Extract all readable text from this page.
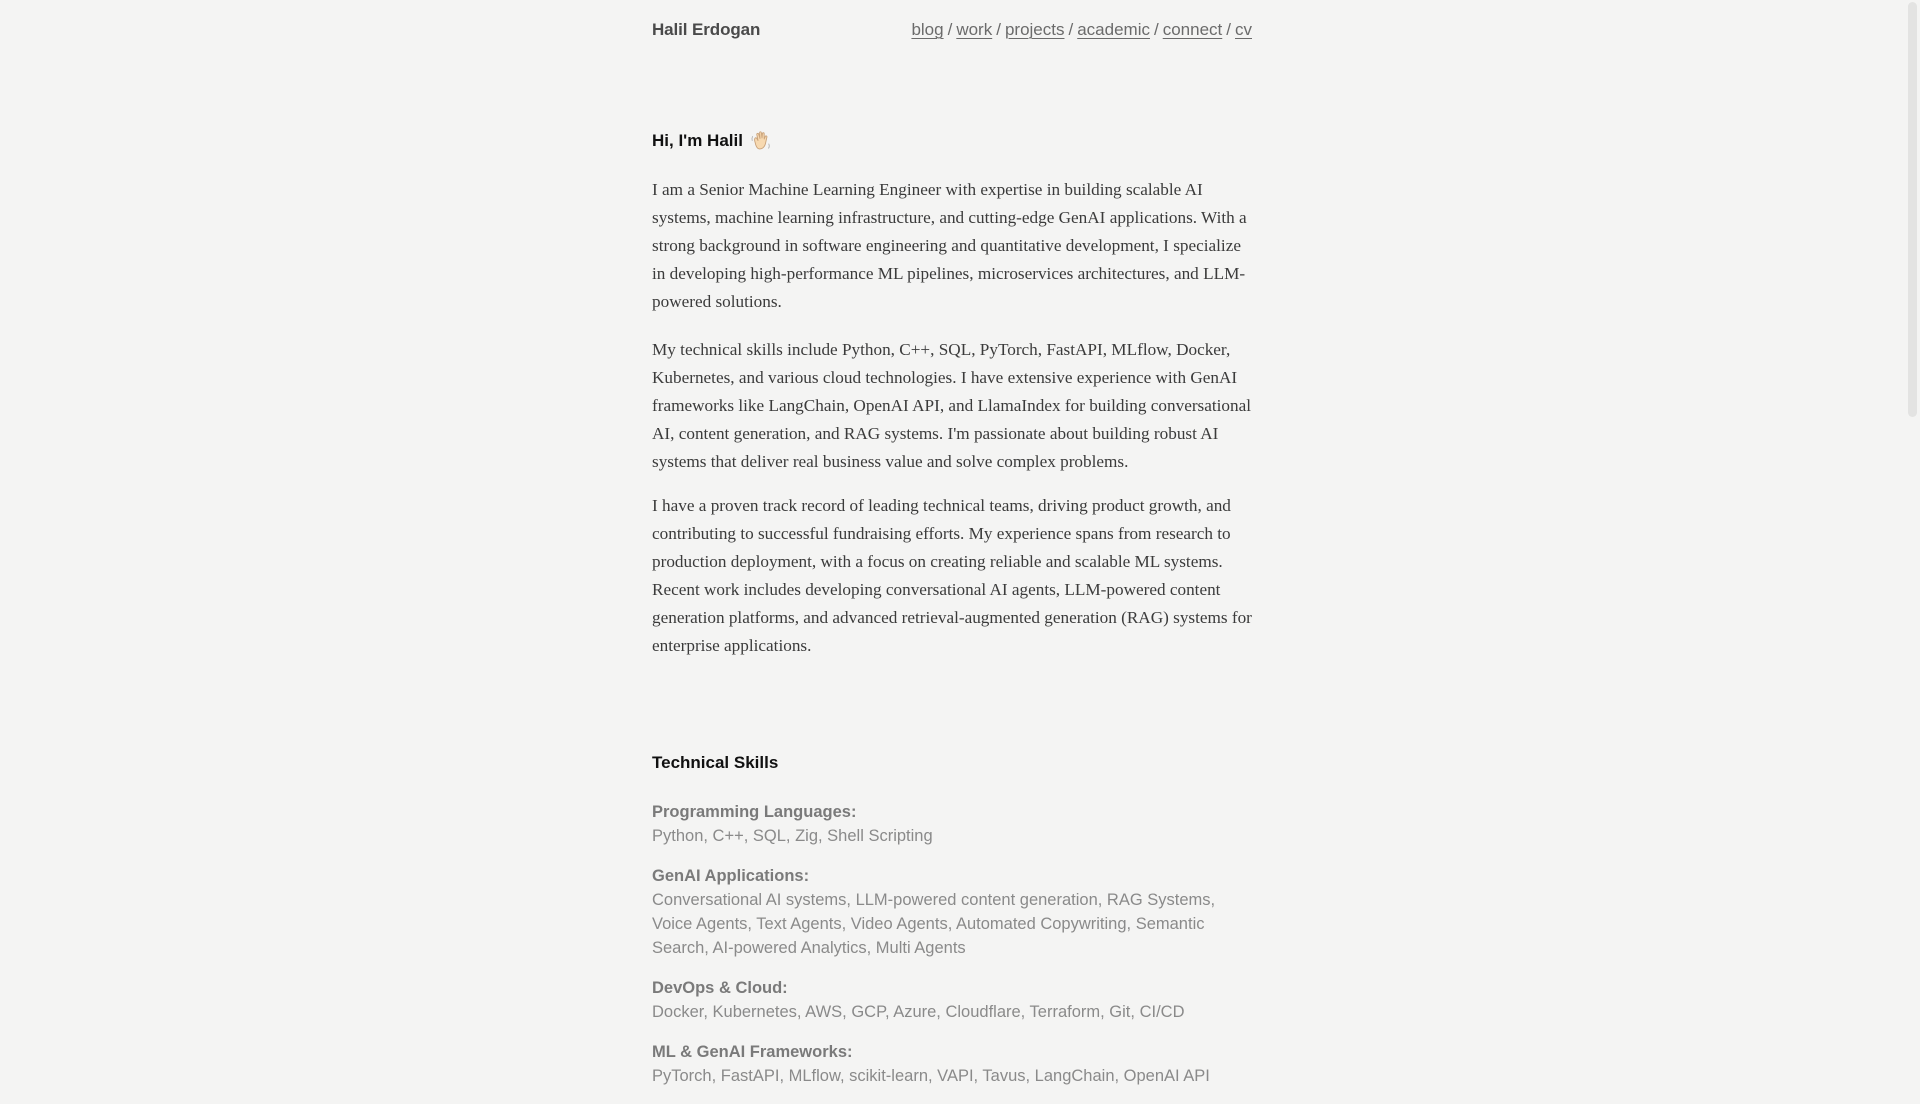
Halil Erdogan	blog / work / projects / academic / connect / cv
Hi, I'm Halil

I am a Senior Machine Learning Engineer with expertise in building scalable AI systems, machine learning infrastructure, and cutting-edge GenAI applications. With a strong background in software engineering and quantitative development, I specialize in developing high-performance ML pipelines, microservices architectures, and LLM-powered solutions.

My technical skills include Python, C++, SQL, PyTorch, FastAPI, MLflow, Docker, Kubernetes, and various cloud technologies. I have extensive experience with GenAI frameworks like LangChain, OpenAI API, and LlamaIndex for building conversational AI, content generation, and RAG systems. I'm passionate about building robust AI systems that deliver real business value and solve complex problems.

I have a proven track record of leading technical teams, driving product growth, and contributing to successful fundraising efforts. My experience spans from research to production deployment, with a focus on creating reliable and scalable ML systems. Recent work includes developing conversational AI agents, LLM-powered content generation platforms, and advanced retrieval-augmented generation (RAG) systems for enterprise applications.

Technical Skills
Programming Languages:
Python, C++, SQL, Zig, Shell Scripting
GenAI Applications:
Conversational AI systems, LLM-powered content generation, RAG Systems, Voice Agents, Text Agents, Video Agents, Automated Copywriting, Semantic Search, AI-powered Analytics, Multi Agents
DevOps & Cloud:
Docker, Kubernetes, AWS, GCP, Azure, Cloudflare, Terraform, Git, CI/CD
ML & GenAI Frameworks:
PyTorch, FastAPI, MLflow, scikit-learn, VAPI, Tavus, LangChain, OpenAI API
